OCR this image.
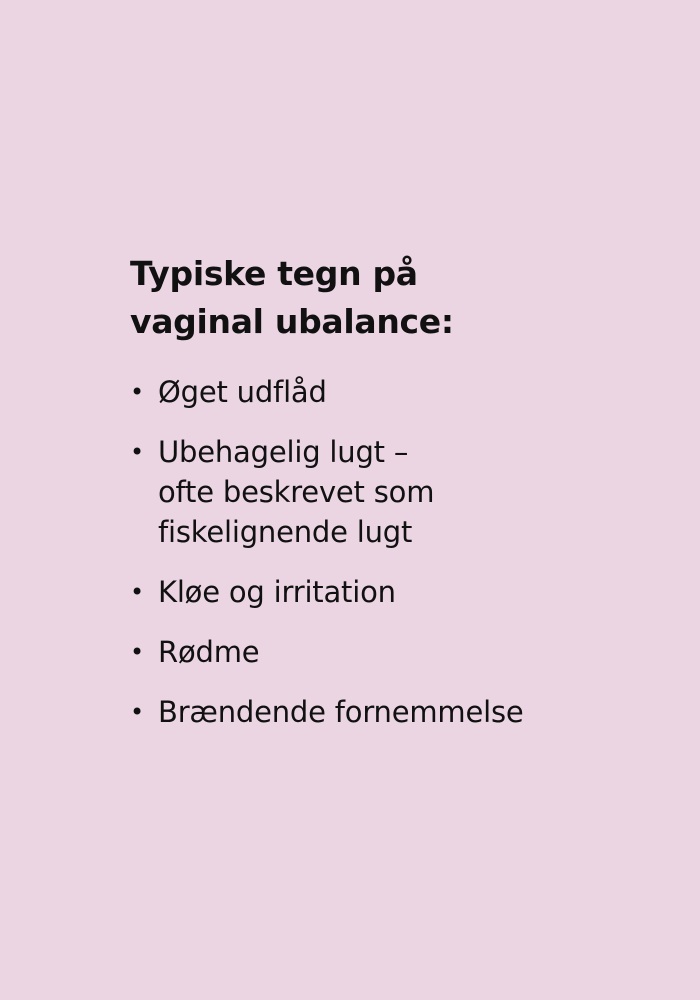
Typiske tegn på
vaginal ubalance:
• Øget udflåd
• Ubehagelig lugt –
ofte beskrevet som
fiskelignende lugt
• Kløe og irritation
• Rødme
• Brændende fornemmelse
